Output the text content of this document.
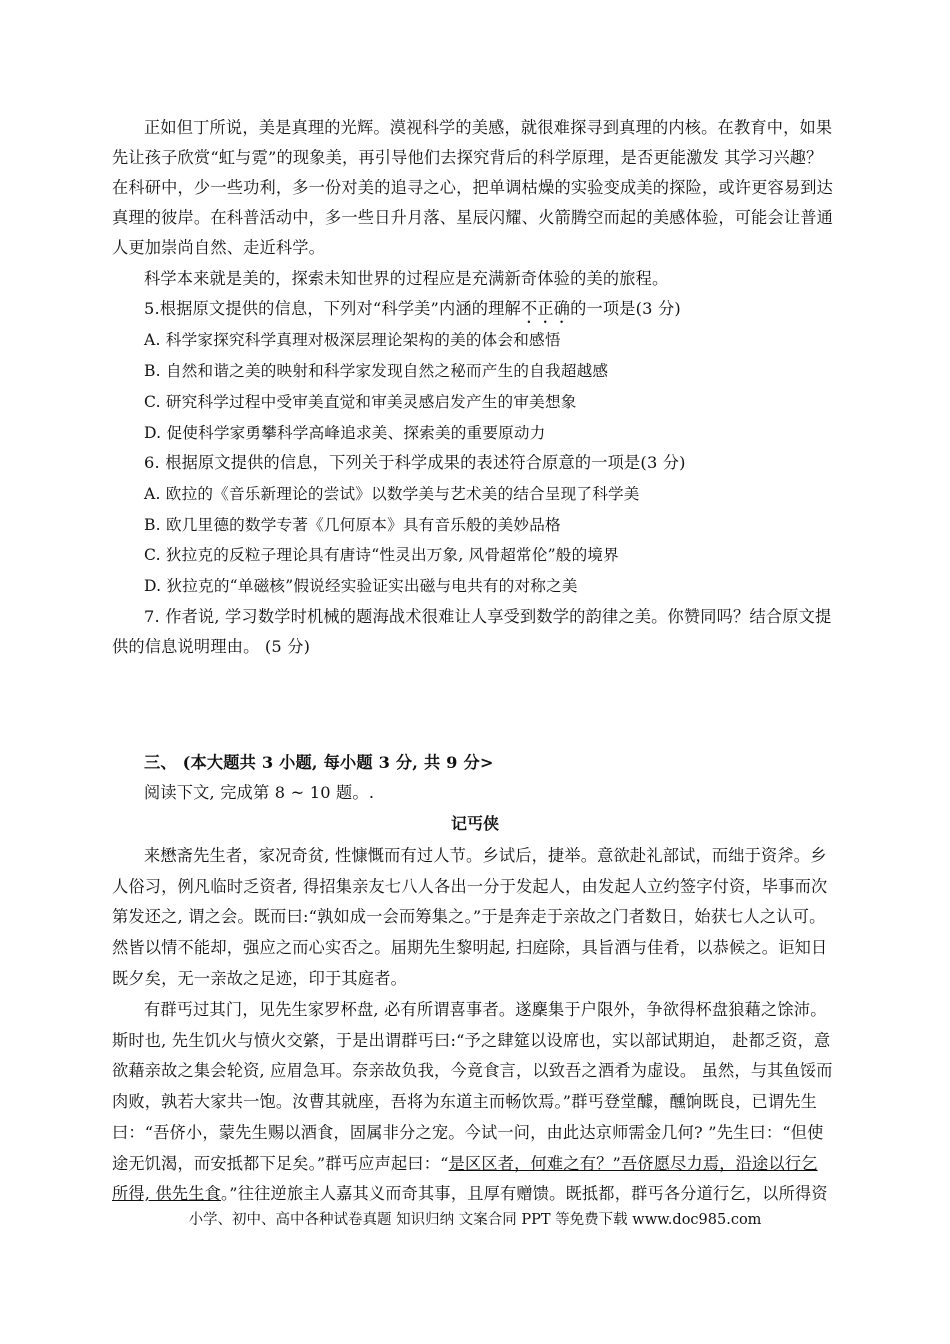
正如但丁所说，美是真理的光辉。漠视科学的美感，就很难探寻到真理的内核。在教育中，如果
先让孩子欣赏“虹与霓”的现象美，再引导他们去探究背后的科学原理，是否更能激发 其学习兴趣？
在科研中，少一些功利，多一份对美的追寻之心，把单调枯燥的实验变成美的探险，或许更容易到达
真理的彼岸。在科普活动中，多一些日升月落、星辰闪耀、火箭腾空而起的美感体验，可能会让普通
人更加崇尚自然、走近科学。
科学本来就是美的，探索未知世界的过程应是充满新奇体验的美的旅程。
5.根据原文提供的信息，下列对“科学美”内涵的理解不正确的一项是(3 分)
A. 科学家探究科学真理对极深层理论架构的美的体会和感悟
B. 自然和谐之美的映射和科学家发现自然之秘而产生的自我超越感
C. 研究科学过程中受审美直觉和审美灵感启发产生的审美想象
D. 促使科学家勇攀科学高峰追求美、探索美的重要原动力
6. 根据原文提供的信息，下列关于科学成果的表述符合原意的一项是(3 分)
A. 欧拉的《音乐新理论的尝试》以数学美与艺术美的结合呈现了科学美
B. 欧几里德的数学专著《几何原本》具有音乐般的美妙品格
C. 狄拉克的反粒子理论具有唐诗“性灵出万象, 风骨超常伦”般的境界
D. 狄拉克的“单磁核”假说经实验证实出磁与电共有的对称之美
7. 作者说, 学习数学时机械的题海战术很难让人享受到数学的韵律之美。你赞同吗？结合原文提
供的信息说明理由。 (5 分)
三、 (本大题共 3 小题, 每小题 3 分, 共 9 分>
阅读下文, 完成第 8 ~ 10 题。.
记丐侠
来懋斋先生者，家况奇贫, 性慷慨而有过人节。乡试后，捷举。意欲赴礼部试，而绌于资斧。乡
人俗习，例凡临时乏资者, 得招集亲友七八人各出一分于发起人，由发起人立约签字付资，毕事而次
第发还之, 谓之会。既而曰:“孰如成一会而筹集之。”于是奔走于亲故之门者数日，始获七人之认可。
然皆以情不能却，强应之而心实否之。届期先生黎明起, 扫庭除，具旨酒与佳肴，以恭候之。讵知日
既夕矣，无一亲故之足迹，印于其庭者。
有群丐过其门，见先生家罗杯盘, 必有所谓喜事者。遂麇集于户限外，争欲得杯盘狼藉之馀沛。
斯时也, 先生饥火与愤火交綮，于是出谓群丐曰:“予之肆筵以设席也，实以部试期迫， 赴都乏资，意
欲藉亲故之集会轮资, 应眉急耳。奈亲故负我，今竟食言，以致吾之酒肴为虚设。 虽然，与其鱼馁而
肉败，孰若大家共一饱。汝曹其就座，吾将为东道主而畅饮焉。”群丐登堂醵，醺饷既良，已谓先生
曰：“吾侪小，蒙先生赐以酒食，固属非分之宠。今试一问，由此达京师需金几何? ”先生曰：“但使
途无饥渴，而安抵都下足矣。”群丐应声起曰：“是区区者，何难之有？”吾侪愿尽力焉，沿途以行乞
所得, 供先生食。”往往逆旅主人嘉其义而奇其事，且厚有赠馈。既抵都，群丐各分道行乞，以所得资
小学、初中、高中各种试卷真题 知识归纳 文案合同 PPT 等免费下载 www.doc985.com
